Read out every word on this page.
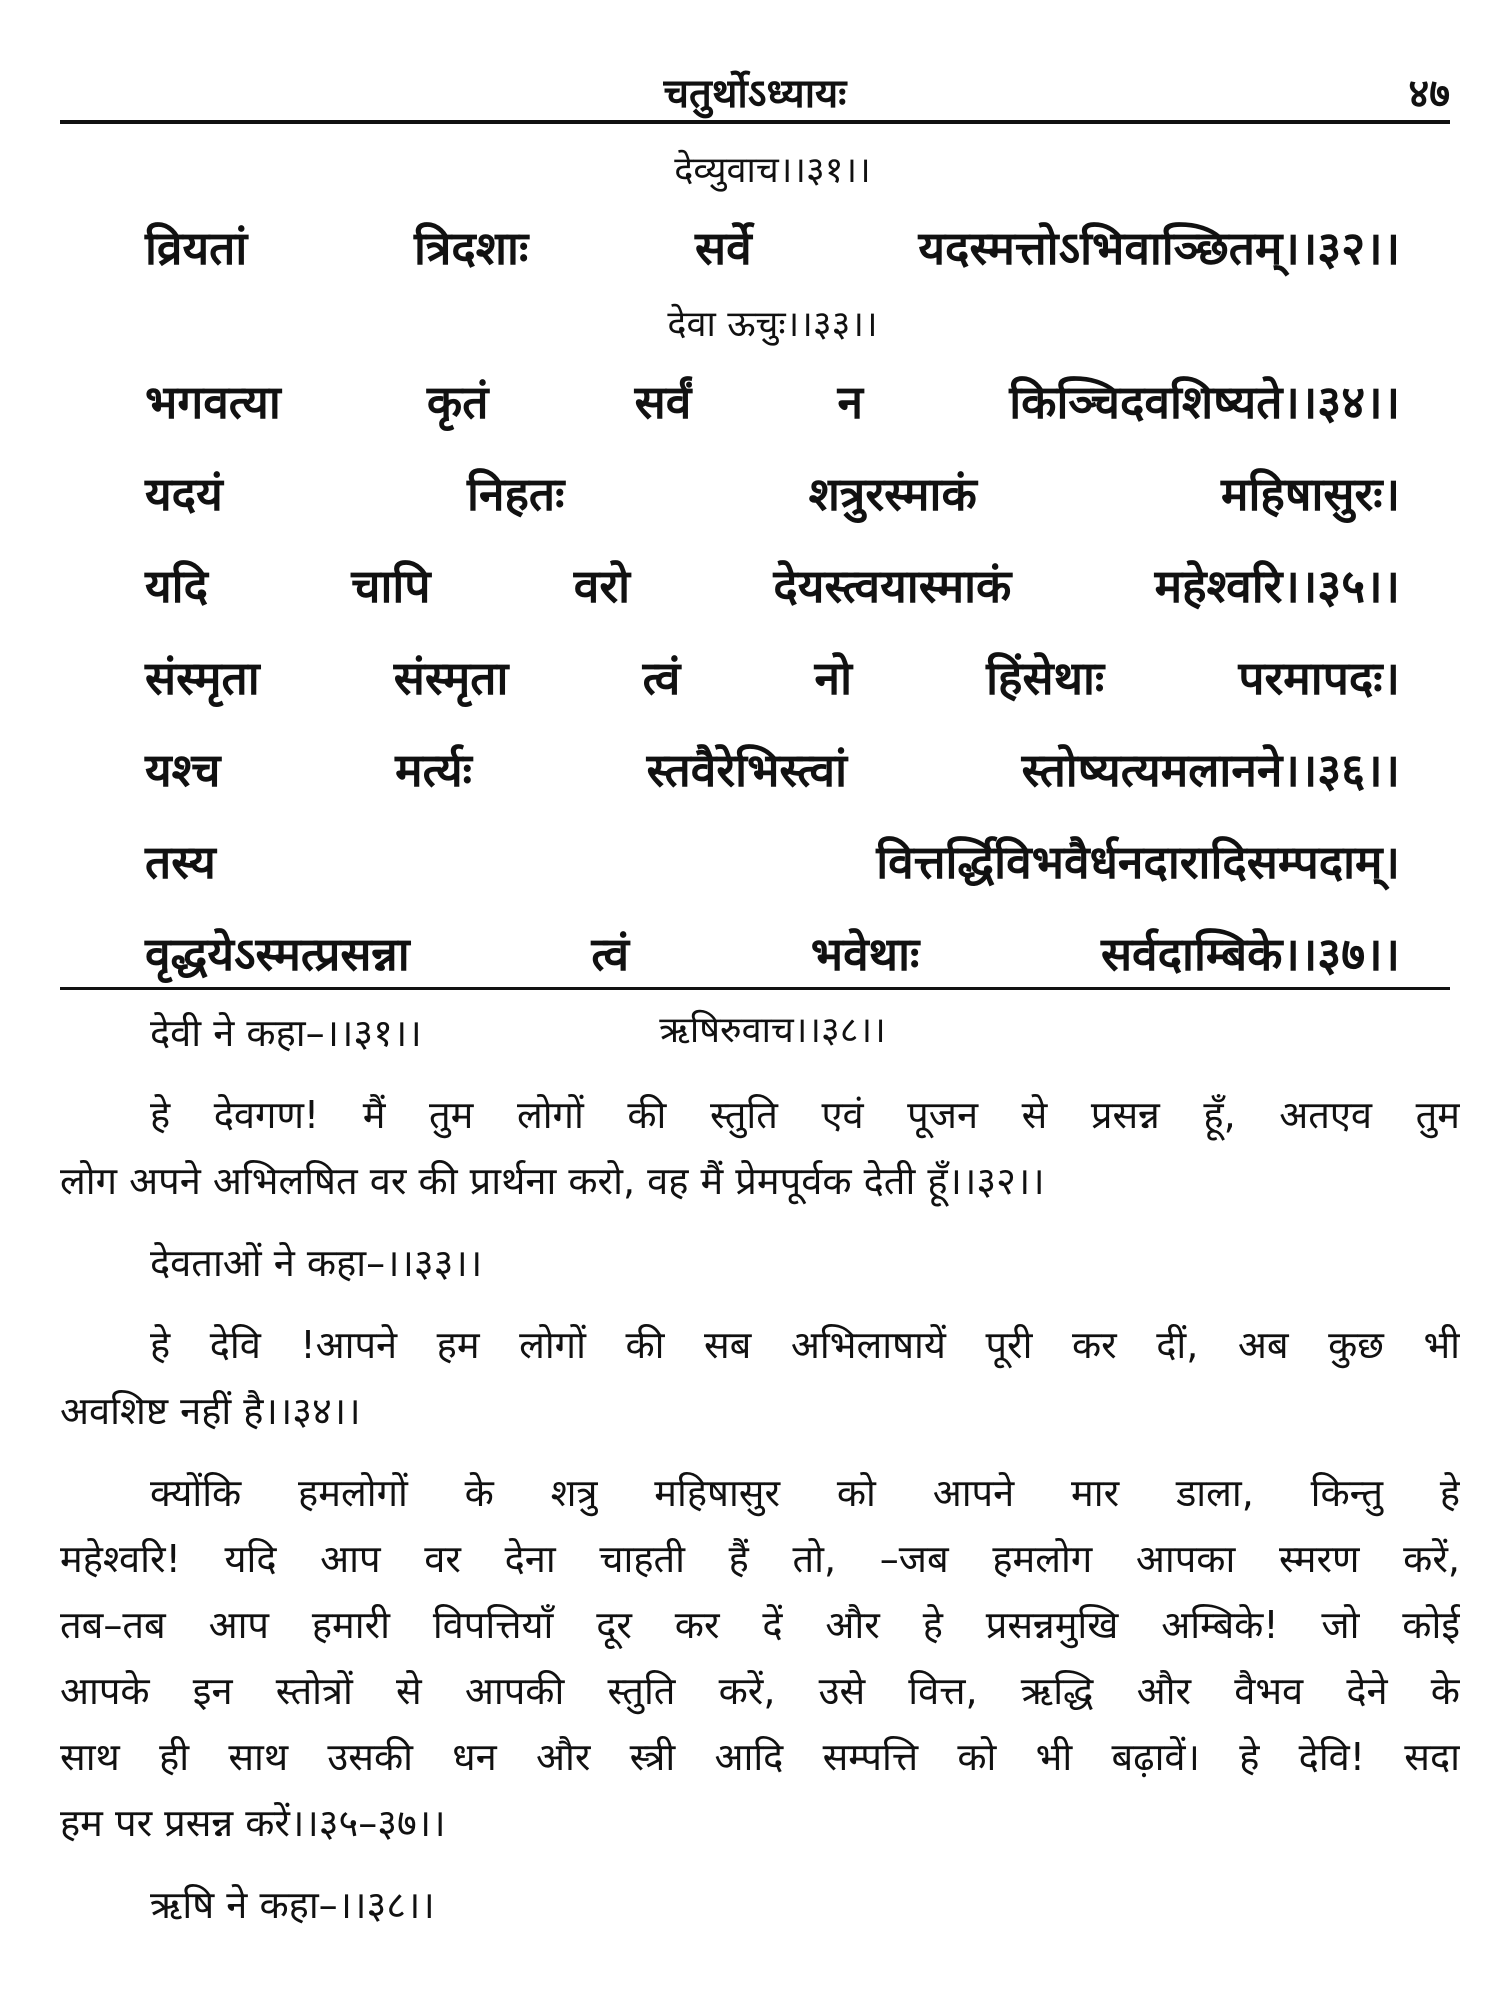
चतुर्थोऽध्यायः	४७
देव्युवाच।।३१।।
व्रियतां त्रिदशाः सर्वे यदस्मत्तोऽभिवाञ्छितम्।।३२।।
देवा ऊचुः।।३३।।
भगवत्या कृतं सर्वं न किञ्चिदवशिष्यते।।३४।।
यदयं निहतः शत्रुरस्माकं महिषासुरः।
यदि चापि वरो देयस्त्वयास्माकं महेश्वरि।।३५।।
संस्मृता संस्मृता त्वं नो हिंसेथाः परमापदः।
यश्च मर्त्यः स्तवैरेभिस्त्वां स्तोष्यत्यमलानने।।३६।।
तस्य वित्तर्द्धिविभवैर्धनदारादिसम्पदाम्।
वृद्धयेऽस्मत्प्रसन्ना त्वं भवेथाः सर्वदाम्बिके।।३७।।
ऋषिरुवाच।।३८।।
देवी ने कहा–।।३१।।
हे देवगण! मैं तुम लोगों की स्तुति एवं पूजन से प्रसन्न हूँ, अतएव तुम
लोग अपने अभिलषित वर की प्रार्थना करो, वह मैं प्रेमपूर्वक देती हूँ।।३२।।
देवताओं ने कहा–।।३३।।
हे देवि !आपने हम लोगों की सब अभिलाषायें पूरी कर दीं, अब कुछ भी
अवशिष्ट नहीं है।।३४।।
क्योंकि हमलोगों के शत्रु महिषासुर को आपने मार डाला, किन्तु हे
महेश्वरि! यदि आप वर देना चाहती हैं तो, –जब हमलोग आपका स्मरण करें,
तब–तब आप हमारी विपत्तियाँ दूर कर दें और हे प्रसन्नमुखि अम्बिके! जो कोई
आपके इन स्तोत्रों से आपकी स्तुति करें, उसे वित्त, ऋद्धि और वैभव देने के
साथ ही साथ उसकी धन और स्त्री आदि सम्पत्ति को भी बढ़ावें। हे देवि! सदा
हम पर प्रसन्न करें।।३५–३७।।
ऋषि ने कहा–।।३८।।
